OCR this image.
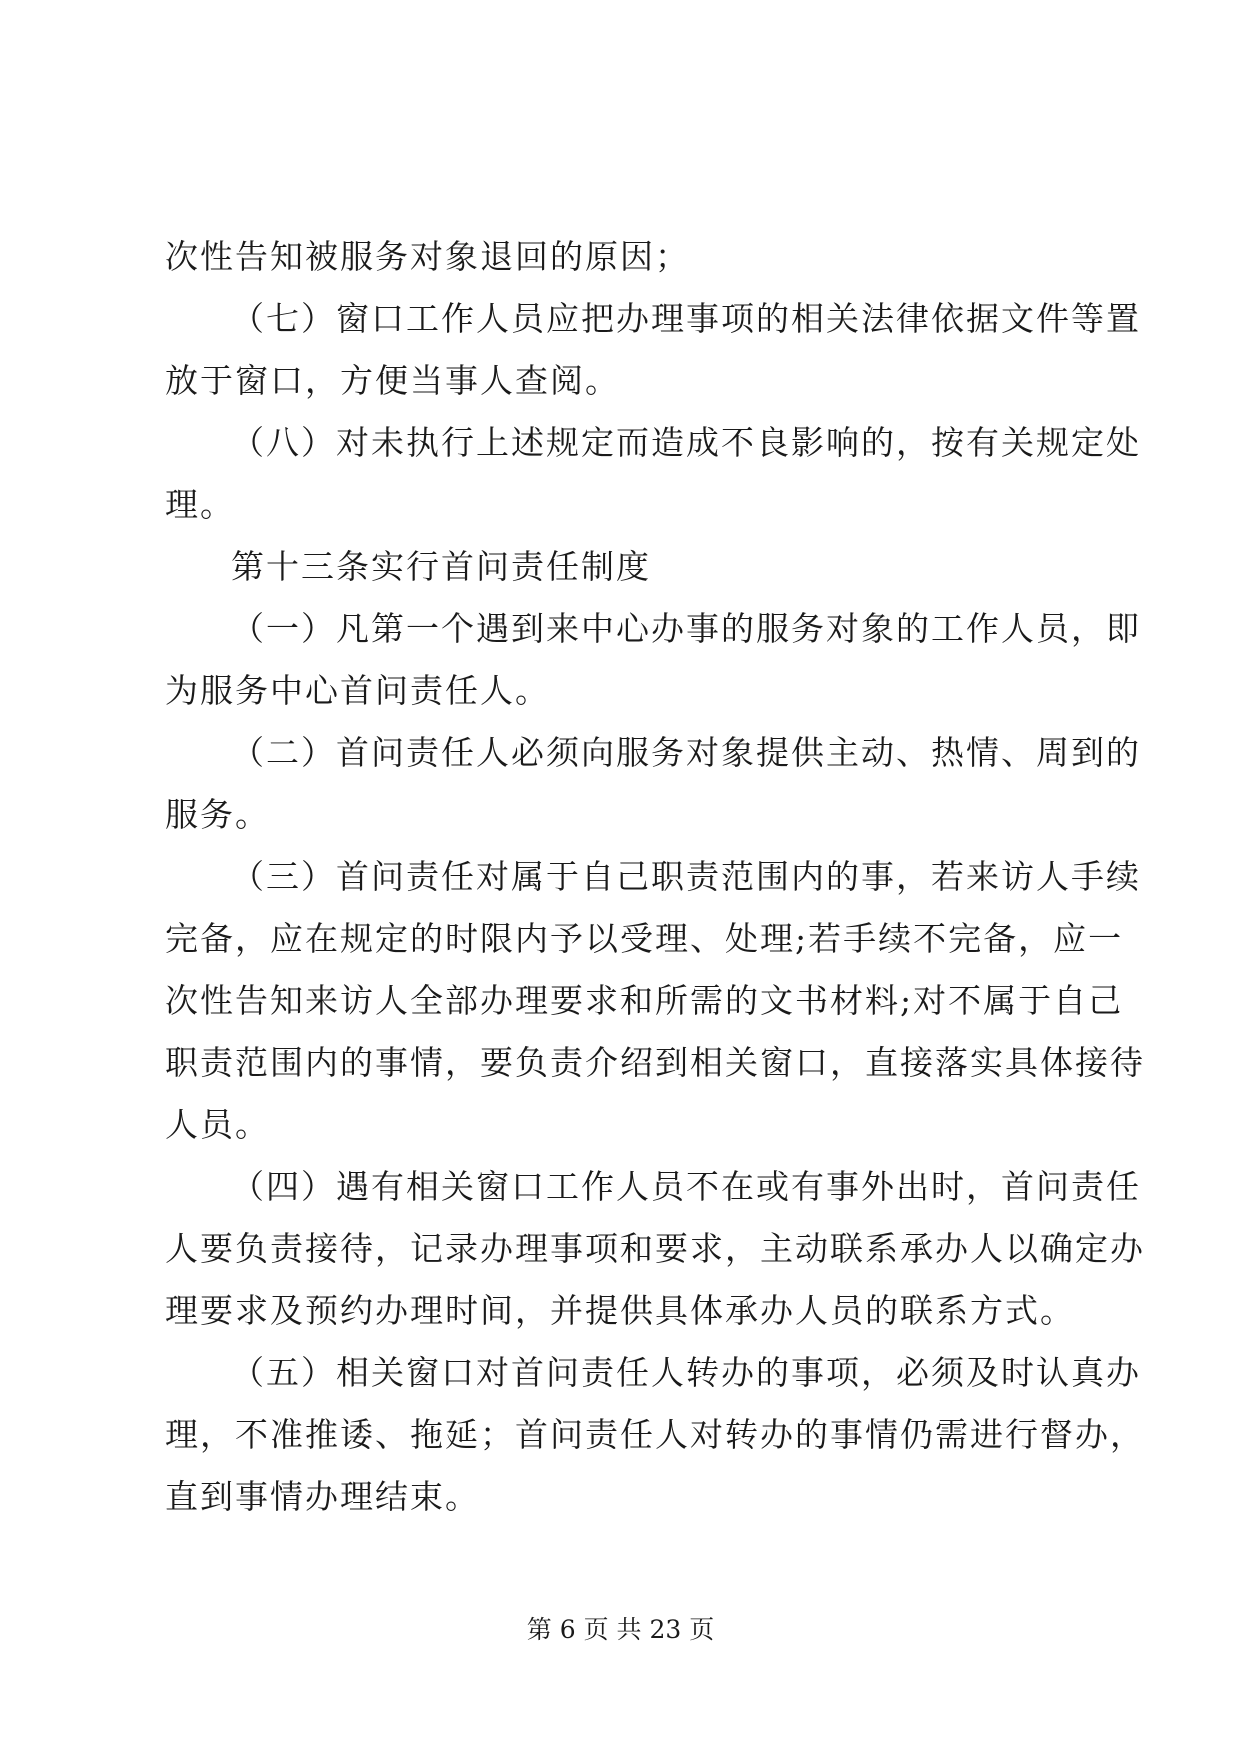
次性告知被服务对象退回的原因；
（七）窗口工作人员应把办理事项的相关法律依据文件等置
放于窗口，方便当事人查阅。
（八）对未执行上述规定而造成不良影响的，按有关规定处
理。
第十三条实行首问责任制度
（一）凡第一个遇到来中心办事的服务对象的工作人员，即
为服务中心首问责任人。
（二）首问责任人必须向服务对象提供主动、热情、周到的
服务。
（三）首问责任对属于自己职责范围内的事，若来访人手续
完备，应在规定的时限内予以受理、处理;若手续不完备，应一
次性告知来访人全部办理要求和所需的文书材料;对不属于自己
职责范围内的事情，要负责介绍到相关窗口，直接落实具体接待
人员。
（四）遇有相关窗口工作人员不在或有事外出时，首问责任
人要负责接待，记录办理事项和要求，主动联系承办人以确定办
理要求及预约办理时间，并提供具体承办人员的联系方式。
（五）相关窗口对首问责任人转办的事项，必须及时认真办
理，不准推诿、拖延；首问责任人对转办的事情仍需进行督办，
直到事情办理结束。
第 6 页 共 23 页
